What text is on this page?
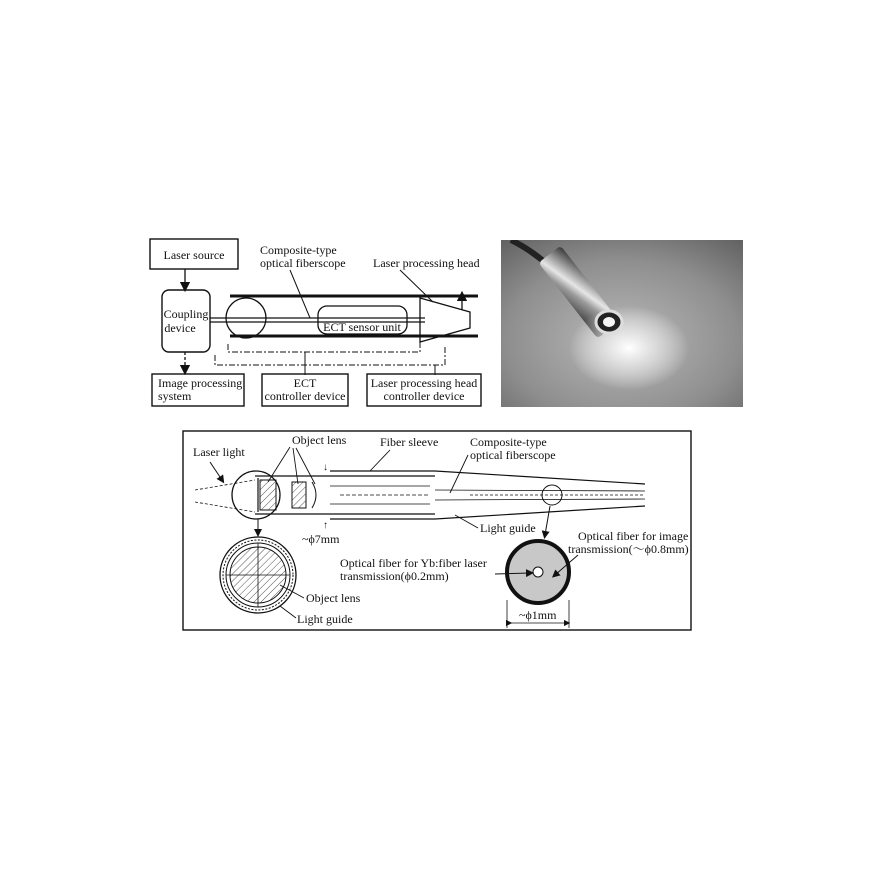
Laser source
Coupling
device
Composite-type
optical fiberscope
ECT sensor unit
Laser processing head
Image processing
system
ECT
controller device
Laser processing head
controller device
Laser light
Object lens	Fiber sleeve	Composite-type
optical fiberscope
Light guide
↓
↑
~ϕ7mm
Object lens
Light guide
Optical fiber for Yb:fiber laser
transmission(ϕ0.2mm)
Optical fiber for image
transmission(～ϕ0.8mm)
~ϕ1mm
